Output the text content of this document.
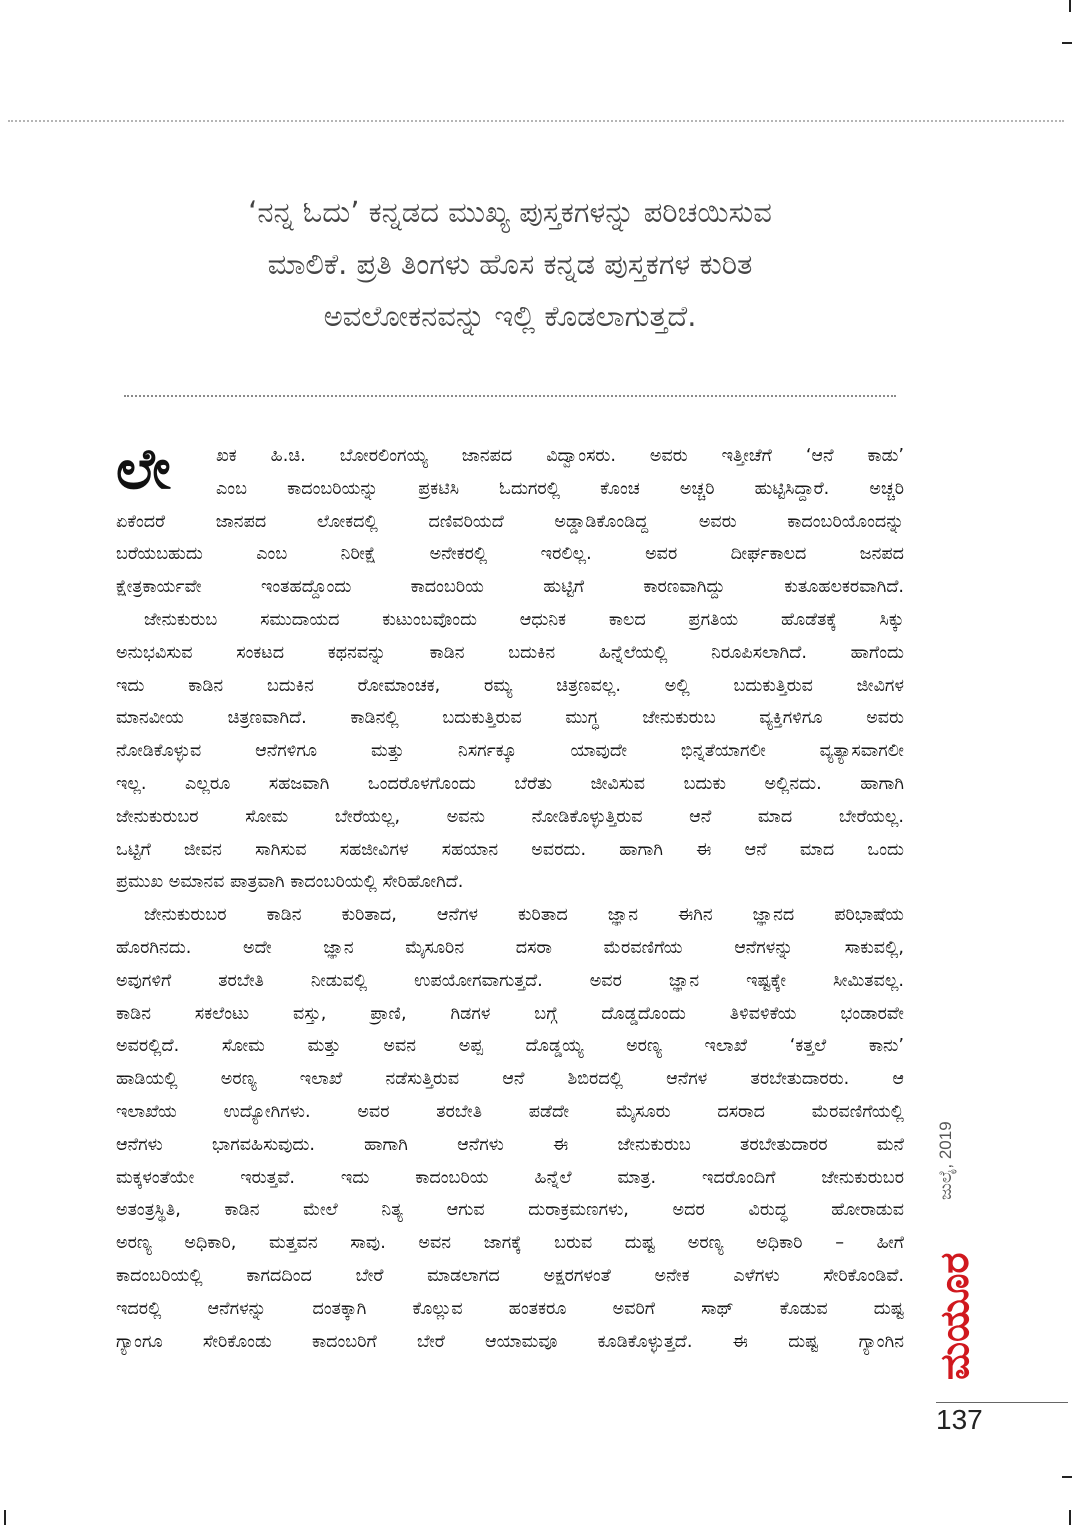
‘ನನ್ನ ಓದು’ ಕನ್ನಡದ ಮುಖ್ಯ ಪುಸ್ತಕಗಳನ್ನು ಪರಿಚಯಿಸುವ
ಮಾಲಿಕೆ. ಪ್ರತಿ ತಿಂಗಳು ಹೊಸ ಕನ್ನಡ ಪುಸ್ತಕಗಳ ಕುರಿತ
ಅವಲೋಕನವನ್ನು ಇಲ್ಲಿ ಕೊಡಲಾಗುತ್ತದೆ.
ಲೇ	ಖಕ ಹಿ.ಚಿ. ಬೋರಲಿಂಗಯ್ಯ ಜಾನಪದ ವಿದ್ವಾಂಸರು. ಅವರು ಇತ್ತೀಚೆಗೆ ‘ಆನೆ ಕಾಡು’
ಎಂಬ ಕಾದಂಬರಿಯನ್ನು ಪ್ರಕಟಿಸಿ ಓದುಗರಲ್ಲಿ ಕೊಂಚ ಅಚ್ಚರಿ ಹುಟ್ಟಿಸಿದ್ದಾರೆ. ಅಚ್ಚರಿ
ಏಕೆಂದರೆ ಜಾನಪದ ಲೋಕದಲ್ಲಿ ದಣಿವರಿಯದೆ ಅಡ್ಡಾಡಿಕೊಂಡಿದ್ದ ಅವರು ಕಾದಂಬರಿಯೊಂದನ್ನು
ಬರೆಯಬಹುದು ಎಂಬ ನಿರೀಕ್ಷೆ ಅನೇಕರಲ್ಲಿ ಇರಲಿಲ್ಲ. ಅವರ ದೀರ್ಘಕಾಲದ ಜನಪದ
ಕ್ಷೇತ್ರಕಾರ್ಯವೇ ಇಂತಹದ್ದೊಂದು ಕಾದಂಬರಿಯ ಹುಟ್ಟಿಗೆ ಕಾರಣವಾಗಿದ್ದು ಕುತೂಹಲಕರವಾಗಿದೆ.
ಜೇನುಕುರುಬ ಸಮುದಾಯದ ಕುಟುಂಬವೊಂದು ಆಧುನಿಕ ಕಾಲದ ಪ್ರಗತಿಯ ಹೊಡೆತಕ್ಕೆ ಸಿಕ್ಕು
ಅನುಭವಿಸುವ ಸಂಕಟದ ಕಥನವನ್ನು ಕಾಡಿನ ಬದುಕಿನ ಹಿನ್ನೆಲೆಯಲ್ಲಿ ನಿರೂಪಿಸಲಾಗಿದೆ. ಹಾಗೆಂದು
ಇದು ಕಾಡಿನ ಬದುಕಿನ ರೋಮಾಂಚಕ, ರಮ್ಯ ಚಿತ್ರಣವಲ್ಲ. ಅಲ್ಲಿ ಬದುಕುತ್ತಿರುವ ಜೀವಿಗಳ
ಮಾನವೀಯ ಚಿತ್ರಣವಾಗಿದೆ. ಕಾಡಿನಲ್ಲಿ ಬದುಕುತ್ತಿರುವ ಮುಗ್ಧ ಜೇನುಕುರುಬ ವ್ಯಕ್ತಿಗಳಿಗೂ ಅವರು
ನೋಡಿಕೊಳ್ಳುವ ಆನೆಗಳಿಗೂ ಮತ್ತು ನಿಸರ್ಗಕ್ಕೂ ಯಾವುದೇ ಭಿನ್ನತೆಯಾಗಲೀ ವ್ಯತ್ಯಾಸವಾಗಲೀ
ಇಲ್ಲ. ಎಲ್ಲರೂ ಸಹಜವಾಗಿ ಒಂದರೊಳಗೊಂದು ಬೆರೆತು ಜೀವಿಸುವ ಬದುಕು ಅಲ್ಲಿನದು. ಹಾಗಾಗಿ
ಜೇನುಕುರುಬರ ಸೋಮ ಬೇರೆಯಲ್ಲ, ಅವನು ನೋಡಿಕೊಳ್ಳುತ್ತಿರುವ ಆನೆ ಮಾದ ಬೇರೆಯಲ್ಲ.
ಒಟ್ಟಿಗೆ ಜೀವನ ಸಾಗಿಸುವ ಸಹಜೀವಿಗಳ ಸಹಯಾನ ಅವರದು. ಹಾಗಾಗಿ ಈ ಆನೆ ಮಾದ ಒಂದು
ಪ್ರಮುಖ ಅಮಾನವ ಪಾತ್ರವಾಗಿ ಕಾದಂಬರಿಯಲ್ಲಿ ಸೇರಿಹೋಗಿದೆ.
ಜೇನುಕುರುಬರ ಕಾಡಿನ ಕುರಿತಾದ, ಆನೆಗಳ ಕುರಿತಾದ ಜ್ಞಾನ ಈಗಿನ ಜ್ಞಾನದ ಪರಿಭಾಷೆಯ
ಹೊರಗಿನದು. ಅದೇ ಜ್ಞಾನ ಮೈಸೂರಿನ ದಸರಾ ಮೆರವಣಿಗೆಯ ಆನೆಗಳನ್ನು ಸಾಕುವಲ್ಲಿ,
ಅವುಗಳಿಗೆ ತರಬೇತಿ ನೀಡುವಲ್ಲಿ ಉಪಯೋಗವಾಗುತ್ತದೆ. ಅವರ ಜ್ಞಾನ ಇಷ್ಟಕ್ಕೇ ಸೀಮಿತವಲ್ಲ.
ಕಾಡಿನ ಸಕಲೆಂಟು ವಸ್ತು, ಪ್ರಾಣಿ, ಗಿಡಗಳ ಬಗ್ಗೆ ದೊಡ್ಡದೊಂದು ತಿಳಿವಳಿಕೆಯ ಭಂಡಾರವೇ
ಅವರಲ್ಲಿದೆ. ಸೋಮ ಮತ್ತು ಅವನ ಅಪ್ಪ ದೊಡ್ಡಯ್ಯ ಅರಣ್ಯ ಇಲಾಖೆ ‘ಕತ್ತಲೆ ಕಾನು’
ಹಾಡಿಯಲ್ಲಿ ಅರಣ್ಯ ಇಲಾಖೆ ನಡೆಸುತ್ತಿರುವ ಆನೆ ಶಿಬಿರದಲ್ಲಿ ಆನೆಗಳ ತರಬೇತುದಾರರು. ಆ
ಇಲಾಖೆಯ ಉದ್ಯೋಗಿಗಳು. ಅವರ ತರಬೇತಿ ಪಡೆದೇ ಮೈಸೂರು ದಸರಾದ ಮೆರವಣಿಗೆಯಲ್ಲಿ
ಆನೆಗಳು ಭಾಗವಹಿಸುವುದು. ಹಾಗಾಗಿ ಆನೆಗಳು ಈ ಜೇನುಕುರುಬ ತರಬೇತುದಾರರ ಮನೆ
ಮಕ್ಕಳಂತೆಯೇ ಇರುತ್ತವೆ. ಇದು ಕಾದಂಬರಿಯ ಹಿನ್ನೆಲೆ ಮಾತ್ರ. ಇದರೊಂದಿಗೆ ಜೇನುಕುರುಬರ
ಅತಂತ್ರಸ್ಥಿತಿ, ಕಾಡಿನ ಮೇಲೆ ನಿತ್ಯ ಆಗುವ ದುರಾಕ್ರಮಣಗಳು, ಅದರ ವಿರುದ್ಧ ಹೋರಾಡುವ
ಅರಣ್ಯ ಅಧಿಕಾರಿ, ಮತ್ತವನ ಸಾವು. ಅವನ ಜಾಗಕ್ಕೆ ಬರುವ ದುಷ್ಟ ಅರಣ್ಯ ಅಧಿಕಾರಿ – ಹೀಗೆ
ಕಾದಂಬರಿಯಲ್ಲಿ ಕಾಗದದಿಂದ ಬೇರೆ ಮಾಡಲಾಗದ ಅಕ್ಷರಗಳಂತೆ ಅನೇಕ ಎಳೆಗಳು ಸೇರಿಕೊಂಡಿವೆ.
ಇದರಲ್ಲಿ ಆನೆಗಳನ್ನು ದಂತಕ್ಕಾಗಿ ಕೊಲ್ಲುವ ಹಂತಕರೂ ಅವರಿಗೆ ಸಾಥ್ ಕೊಡುವ ದುಷ್ಟ
ಗ್ಯಾಂಗೂ ಸೇರಿಕೊಂಡು ಕಾದಂಬರಿಗೆ ಬೇರೆ ಆಯಾಮವೂ ಕೂಡಿಕೊಳ್ಳುತ್ತದೆ. ಈ ದುಷ್ಟ ಗ್ಯಾಂಗಿನ
ಜುಲೈ, 2019
ಮಯೂರ
137
